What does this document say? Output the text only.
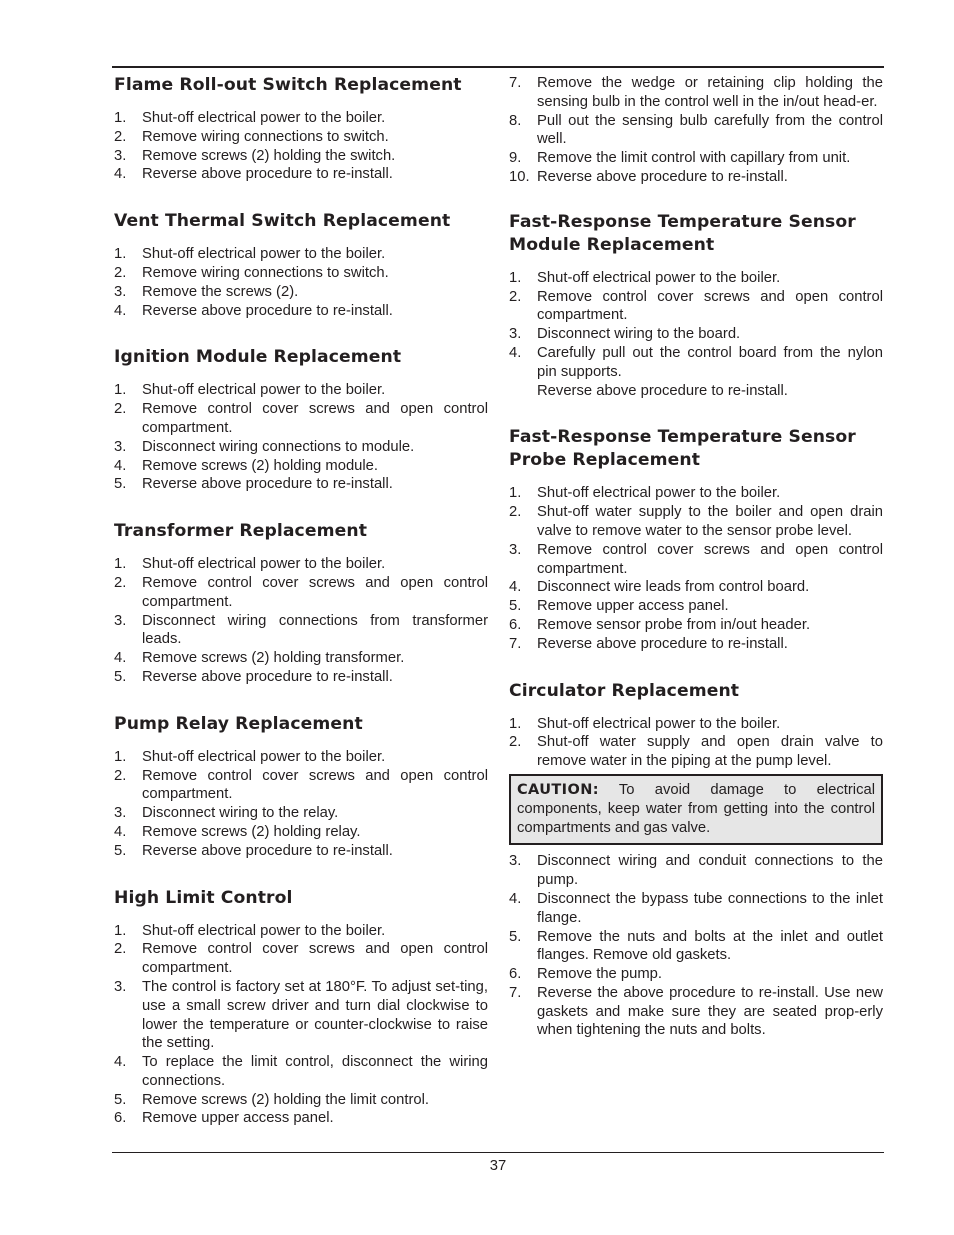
Flame Roll-out Switch Replacement
1. Shut-off electrical power to the boiler.
2. Remove wiring connections to switch.
3. Remove screws (2) holding the switch.
4. Reverse above procedure to re-install.
Vent Thermal Switch Replacement
1. Shut-off electrical power to the boiler.
2. Remove wiring connections to switch.
3. Remove the screws (2).
4. Reverse above procedure to re-install.
Ignition Module Replacement
1. Shut-off electrical power to the boiler.
2. Remove control cover screws and open control compartment.
3. Disconnect wiring connections to module.
4. Remove screws (2) holding module.
5. Reverse above procedure to re-install.
Transformer Replacement
1. Shut-off electrical power to the boiler.
2. Remove control cover screws and open control compartment.
3. Disconnect wiring connections from transformer leads.
4. Remove screws (2) holding transformer.
5. Reverse above procedure to re-install.
Pump Relay Replacement
1. Shut-off electrical power to the boiler.
2. Remove control cover screws and open control compartment.
3. Disconnect wiring to the relay.
4. Remove screws (2) holding relay.
5. Reverse above procedure to re-install.
High Limit Control
1. Shut-off electrical power to the boiler.
2. Remove control cover screws and open control compartment.
3. The control is factory set at 180°F. To adjust set-ting, use a small screw driver and turn dial clockwise to lower the temperature or counter-clockwise to raise the setting.
4. To replace the limit control, disconnect the wiring connections.
5. Remove screws (2) holding the limit control.
6. Remove upper access panel.
7. Remove the wedge or retaining clip holding the sensing bulb in the control well in the in/out head-er.
8. Pull out the sensing bulb carefully from the control well.
9. Remove the limit control with capillary from unit.
10. Reverse above procedure to re-install.
Fast-Response Temperature Sensor
Module Replacement
1. Shut-off electrical power to the boiler.
2. Remove control cover screws and open control compartment.
3. Disconnect wiring to the board.
4. Carefully pull out the control board from the nylon pin supports.
Reverse above procedure to re-install.
Fast-Response Temperature Sensor
Probe Replacement
1. Shut-off electrical power to the boiler.
2. Shut-off water supply to the boiler and open drain valve to remove water to the sensor probe level.
3. Remove control cover screws and open control compartment.
4. Disconnect wire leads from control board.
5. Remove upper access panel.
6. Remove sensor probe from in/out header.
7. Reverse above procedure to re-install.
Circulator Replacement
1. Shut-off electrical power to the boiler.
2. Shut-off water supply and open drain valve to remove water in the piping at the pump level.
CAUTION: To avoid damage to electrical components, keep water from getting into the control compartments and gas valve.
3. Disconnect wiring and conduit connections to the pump.
4. Disconnect the bypass tube connections to the inlet flange.
5. Remove the nuts and bolts at the inlet and outlet flanges. Remove old gaskets.
6. Remove the pump.
7. Reverse the above procedure to re-install. Use new gaskets and make sure they are seated prop-erly when tightening the nuts and bolts.
37
